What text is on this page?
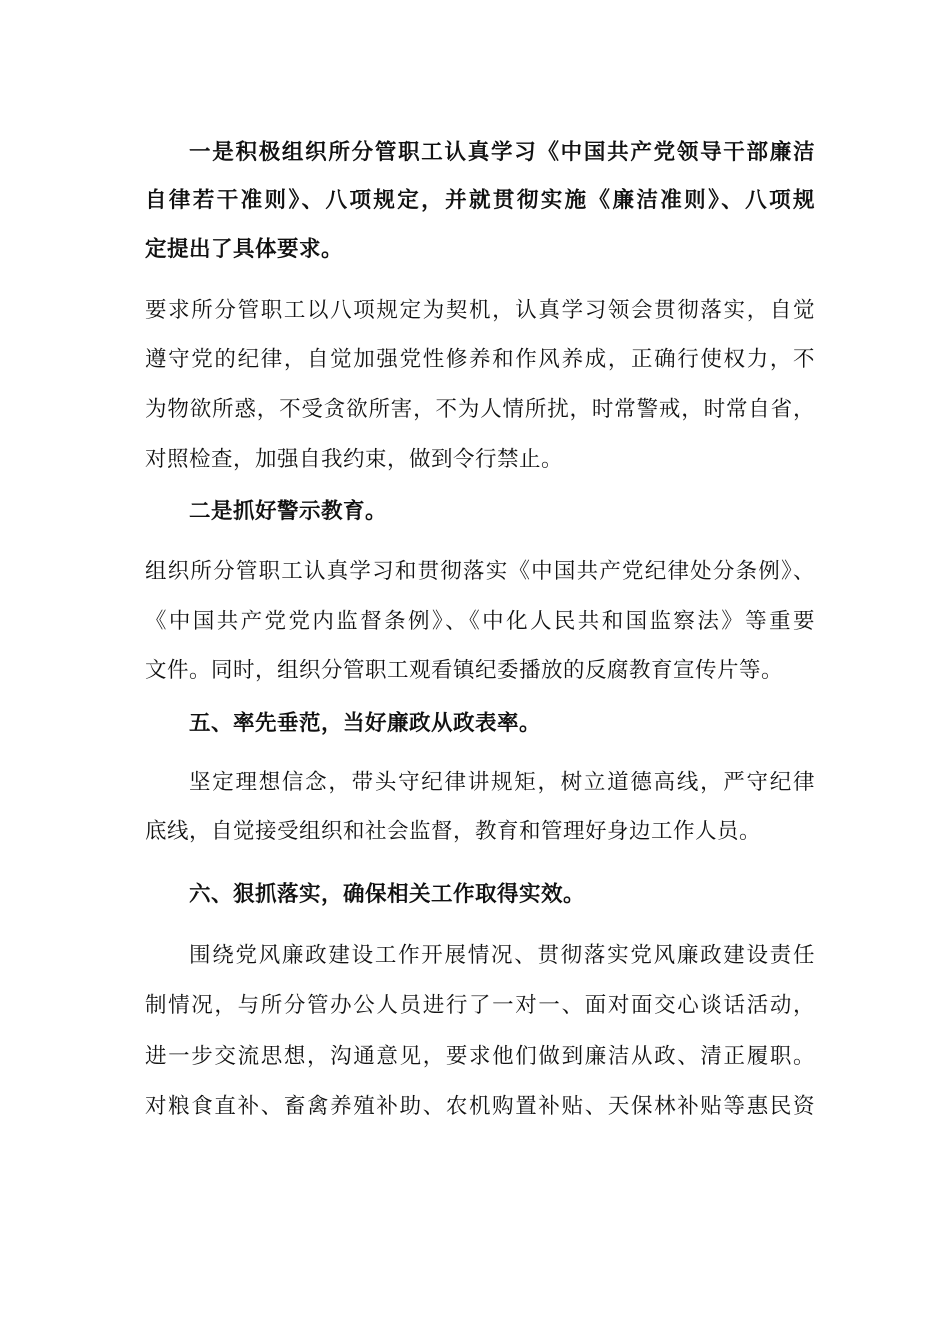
一是积极组织所分管职工认真学习《中国共产党领导干部廉洁
自律若干准则》、八项规定，并就贯彻实施《廉洁准则》、八项规
定提出了具体要求。
要求所分管职工以八项规定为契机，认真学习领会贯彻落实，自觉
遵守党的纪律，自觉加强党性修养和作风养成，正确行使权力，不
为物欲所惑，不受贪欲所害，不为人情所扰，时常警戒，时常自省，
对照检查，加强自我约束，做到令行禁止。
二是抓好警示教育。
组织所分管职工认真学习和贯彻落实《中国共产党纪律处分条例》、
《中国共产党党内监督条例》、《中化人民共和国监察法》等重要
文件。同时，组织分管职工观看镇纪委播放的反腐教育宣传片等。
五、率先垂范，当好廉政从政表率。
坚定理想信念，带头守纪律讲规矩，树立道德高线，严守纪律
底线，自觉接受组织和社会监督，教育和管理好身边工作人员。
六、狠抓落实，确保相关工作取得实效。
围绕党风廉政建设工作开展情况、贯彻落实党风廉政建设责任
制情况，与所分管办公人员进行了一对一、面对面交心谈话活动，
进一步交流思想，沟通意见，要求他们做到廉洁从政、清正履职。
对粮食直补、畜禽养殖补助、农机购置补贴、天保林补贴等惠民资
